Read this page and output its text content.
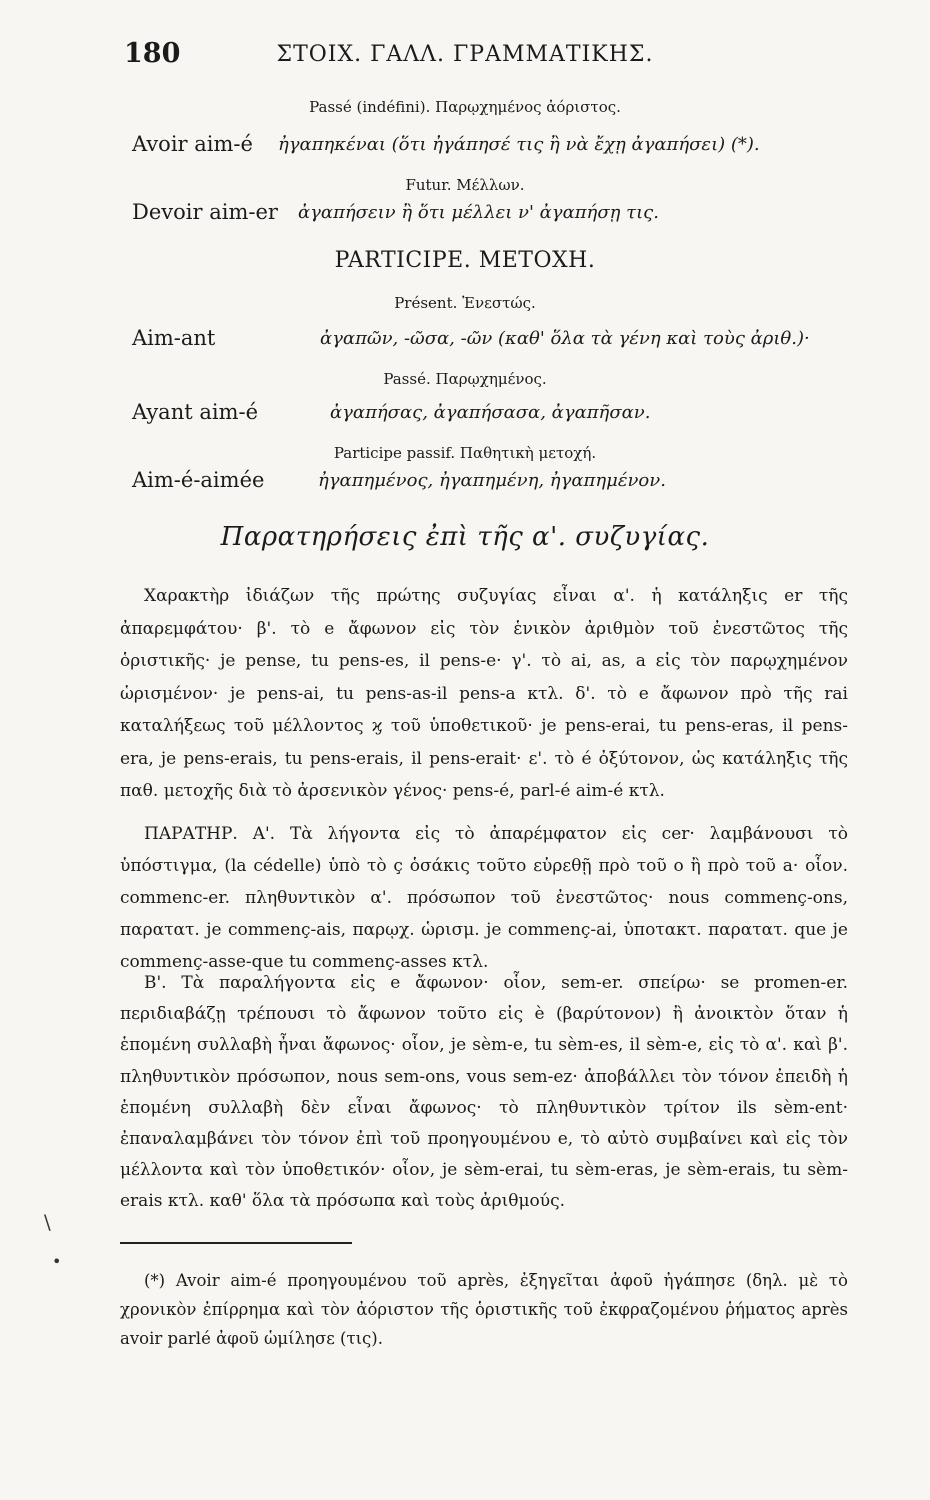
180	ΣΤΟΙΧ. ΓΑΛΛ. ΓΡΑΜΜΑΤΙΚΗΣ.
Passé (indéfini). Παρῳχημένος ἀόριστος.
Avoir aim-é ἠγαπηκέναι (ὅτι ἠγάπησέ τις ἢ νὰ ἔχῃ ἀγαπήσει) (*).
Futur. Μέλλων.
Devoir aim-er ἀγαπήσειν ἢ ὅτι μέλλει ν' ἀγαπήσῃ τις.
PARTICIPE. ΜΕΤΟΧΗ.
Présent. Ἐνεστώς.
Aim-ant	ἀγαπῶν, -ῶσα, -ῶν (καθ' ὅλα τὰ γένη καὶ τοὺς ἀριθ.)·
Passé. Παρῳχημένος.
Ayant aim-é	ἀγαπήσας, ἀγαπήσασα, ἀγαπῆσαν.
Participe passif. Παθητικὴ μετοχή.
Aim-é-aimée	ἠγαπημένος, ἠγαπημένη, ἠγαπημένον.
Παρατηρήσεις ἐπὶ τῆς α'. συζυγίας.
Χαρακτὴρ ἰδιάζων τῆς πρώτης συζυγίας εἶναι α'. ἡ κατάληξις er τῆς ἀπαρεμφάτου· β'. τὸ e ἄφωνον εἰς τὸν ἑνικὸν ἀριθμὸν τοῦ ἐνεστῶτος τῆς ὁριστικῆς· je pense, tu pens-es, il pens-e· γ'. τὸ ai, as, a εἰς τὸν παρῳχημένον ὡρισμένον· je pens-ai, tu pens-as-il pens-a κτλ. δ'. τὸ e ἄφωνον πρὸ τῆς rai καταλήξεως τοῦ μέλλοντος ϗ τοῦ ὑποθετικοῦ· je pens-erai, tu pens-eras, il pens-era, je pens-erais, tu pens-erais, il pens-erait· ε'. τὸ é ὀξύτονον, ὡς κατάληξις τῆς παθ. μετοχῆς διὰ τὸ ἀρσενικὸν γένος· pens-é, parl-é aim-é κτλ.
ΠΑΡΑΤΗΡ. Α'. Τὰ λήγοντα εἰς τὸ ἀπαρέμφατον εἰς cer· λαμβάνουσι τὸ ὑπόστιγμα, (la cédelle) ὑπὸ τὸ ç ὁσάκις τοῦτο εὑρεθῇ πρὸ τοῦ o ἢ πρὸ τοῦ a· οἷον. commenc-er. πληθυντικὸν α'. πρόσωπον τοῦ ἐνεστῶτος· nous commenç-ons, παρατατ. je commenç-ais, παρῳχ. ὡρισμ. je commenç-ai, ὑποτακτ. παρατατ. que je commenç-asse-que tu commenç-asses κτλ.
Β'. Τὰ παραλήγοντα εἰς e ἄφωνον· οἷον, sem-er. σπείρω· se promen-er. περιδιαβάζῃ τρέπουσι τὸ ἄφωνον τοῦτο εἰς è (βαρύτονον) ἢ ἀνοικτὸν ὅταν ἡ ἑπομένη συλλαβὴ ἦναι ἄφωνος· οἷον, je sèm-e, tu sèm-es, il sèm-e, εἰς τὸ α'. καὶ β'. πληθυντικὸν πρόσωπον, nous sem-ons, vous sem-ez· ἀποβάλλει τὸν τόνον ἐπειδὴ ἡ ἑπομένη συλλαβὴ δὲν εἶναι ἄφωνος· τὸ πληθυντικὸν τρίτον ils sèm-ent· ἐπαναλαμβάνει τὸν τόνον ἐπὶ τοῦ προηγουμένου e, τὸ αὐτὸ συμβαίνει καὶ εἰς τὸν μέλλοντα καὶ τὸν ὑποθετικόν· οἷον, je sèm-erai, tu sèm-eras, je sèm-erais, tu sèm-erais κτλ. καθ' ὅλα τὰ πρόσωπα καὶ τοὺς ἀριθμούς.
(*) Avoir aim-é προηγουμένου τοῦ après, ἐξηγεῖται ἀφοῦ ἠγάπησε (δηλ. μὲ τὸ χρονικὸν ἐπίρρημα καὶ τὸν ἀόριστον τῆς ὁριστικῆς τοῦ ἐκφραζομένου ῥήματος après avoir parlé ἀφοῦ ὡμίλησε (τις).
\
•
